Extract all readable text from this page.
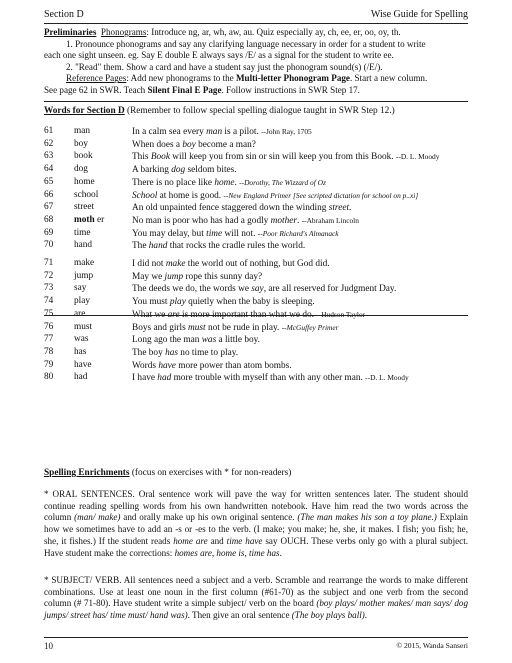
Section D	Wise Guide for Spelling
Preliminaries Phonograms: Introduce ng, ar, wh, aw, au. Quiz especially ay, ch, ee, er, oo, oy, th.
1. Pronounce phonograms and say any clarifying language necessary in order for a student to write
each one sight unseen. eg. Say E double E always says /E/ as a signal for the student to write ee.
2. "Read" them. Show a card and have a student say just the phonogram sound(s) (/E/).
Reference Pages: Add new phonograms to the Multi-letter Phonogram Page. Start a new column.
See page 62 in SWR. Teach Silent Final E Page. Follow instructions in SWR Step 17.
Words for Section D (Remember to follow special spelling dialogue taught in SWR Step 12.)
61 man	In a calm sea every man is a pilot. --John Ray, 1705
62 boy	When does a boy become a man?
63 book	This Book will keep you from sin or sin will keep you from this Book. --D. L. Moody
64 dog	A barking dog seldom bites.
65 home	There is no place like home. --Dorothy, The Wizzard of Oz
66 school	School at home is good. --New England Primer [See scripted dictation for school on p..xi]
67 street	An old unpainted fence staggered down the winding street.
68 moth er	No man is poor who has had a godly mother. --Abraham Lincoln
69 time	You may delay, but time will not. --Poor Richard's Almanack
70 hand	The hand that rocks the cradle rules the world.
71 make	I did not make the world out of nothing, but God did.
72 jump	May we jump rope this sunny day?
73 say	The deeds we do, the words we say, are all reserved for Judgment Day.
74 play	You must play quietly when the baby is sleeping.
75 are	What we are is more important than what we do. --Hudson Taylor
76 must	Boys and girls must not be rude in play. --McGuffey Primer
77 was	Long ago the man was a little boy.
78 has	The boy has no time to play.
79 have	Words have more power than atom bombs.
80 had	I have had more trouble with myself than with any other man. --D. L. Moody
Spelling Enrichments (focus on exercises with * for non-readers)
* ORAL SENTENCES. Oral sentence work will pave the way for written sentences later. The student should continue reading spelling words from his own handwritten notebook. Have him read the two words across the column (man/ make) and orally make up his own original sentence. (The man makes his son a toy plane.) Explain how we sometimes have to add an -s or -es to the verb. (I make; you make; he, she, it makes. I fish; you fish; he, she, it fishes.) If the student reads home are and time have say OUCH. These verbs only go with a plural subject. Have student make the corrections: homes are, home is, time has.
* SUBJECT/ VERB. All sentences need a subject and a verb. Scramble and rearrange the words to make different combinations. Use at least one noun in the first column (#61-70) as the subject and one verb from the second column (# 71-80). Have student write a simple subject/ verb on the board (boy plays/ mother makes/ man says/ dog jumps/ street has/ time must/ hand was). Then give an oral sentence (The boy plays ball).
10	© 2015, Wanda Sanseri
